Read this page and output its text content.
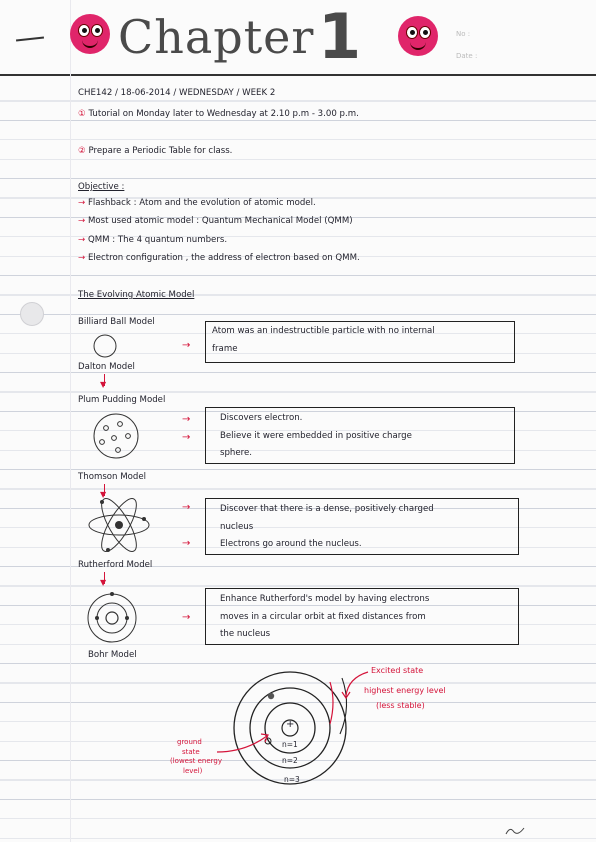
Chapter 1	No :
Date :
CHE142 / 18-06-2014 / WEDNESDAY / WEEK 2
① Tutorial on Monday later to Wednesday at 2.10 p.m - 3.00 p.m.
② Prepare a Periodic Table for class.
Objective :
→ Flashback : Atom and the evolution of atomic model.
→ Most used atomic model : Quantum Mechanical Model (QMM)
→ QMM : The 4 quantum numbers.
→ Electron configuration , the address of electron based on QMM.
The Evolving Atomic Model
Billiard Ball Model
Dalton Model
→
Atom was an indestructible particle with no internal
frame
▼
Plum Pudding Model
Thomson Model
→
→
Discovers electron.
Believe it were embedded in positive charge
sphere.
▼
Rutherford Model
→
→
Discover that there is a dense, positively charged
nucleus
Electrons go around the nucleus.
▼
Bohr Model
→
Enhance Rutherford's model by having electrons
moves in a circular orbit at fixed distances from
the nucleus
+
n=1
n=2
n=3
Excited state
highest energy level
(less stable)
ground
state
(lowest energy
level)
